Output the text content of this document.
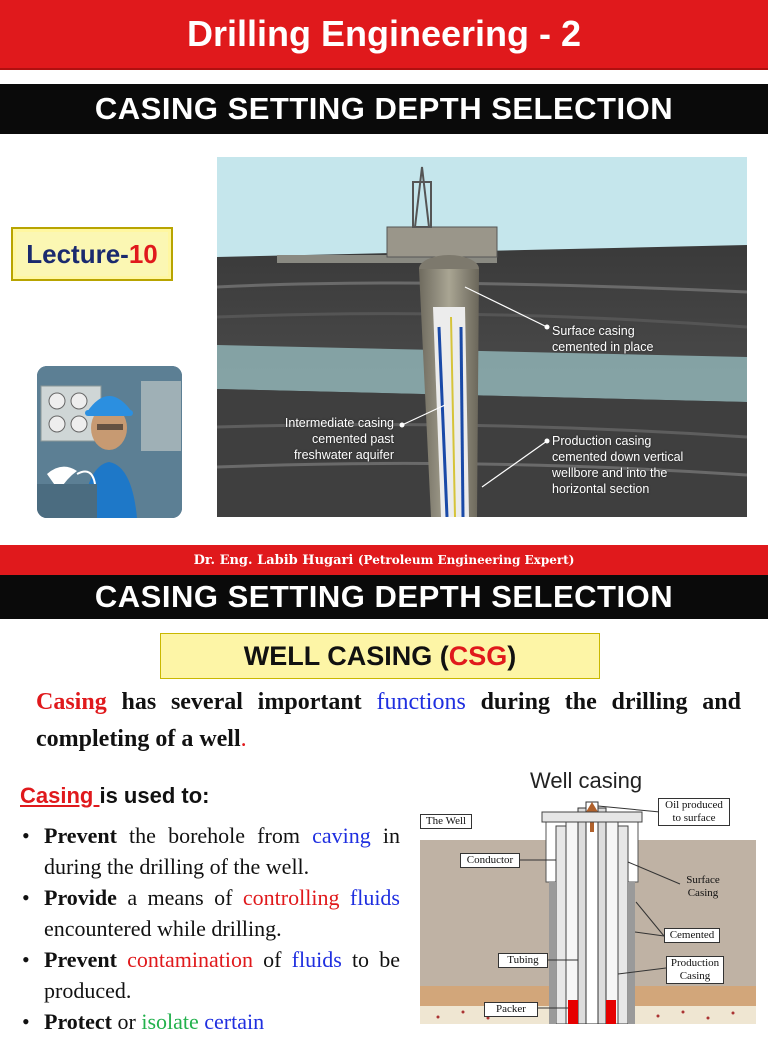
Drilling Engineering - 2
CASING SETTING DEPTH SELECTION
Lecture-10
Surface casing
cemented in place
Intermediate casing
cemented past
freshwater aquifer
Production casing
cemented down vertical
wellbore and into the
horizontal section
Dr. Eng. Labib Hugari (Petroleum Engineering Expert)
CASING SETTING DEPTH SELECTION
WELL CASING (CSG)
Casing has several important functions during the drilling and completing of a well.
Casing is used to:
• Prevent the borehole from caving in during the drilling of the well.
• Provide a means of controlling fluids encountered while drilling.
• Prevent contamination of fluids to be produced.
• Protect or isolate certain
Well casing
The Well
Oil produced
to surface
Conductor
Surface
Casing
Cemented
Tubing	Production
Casing
Packer
